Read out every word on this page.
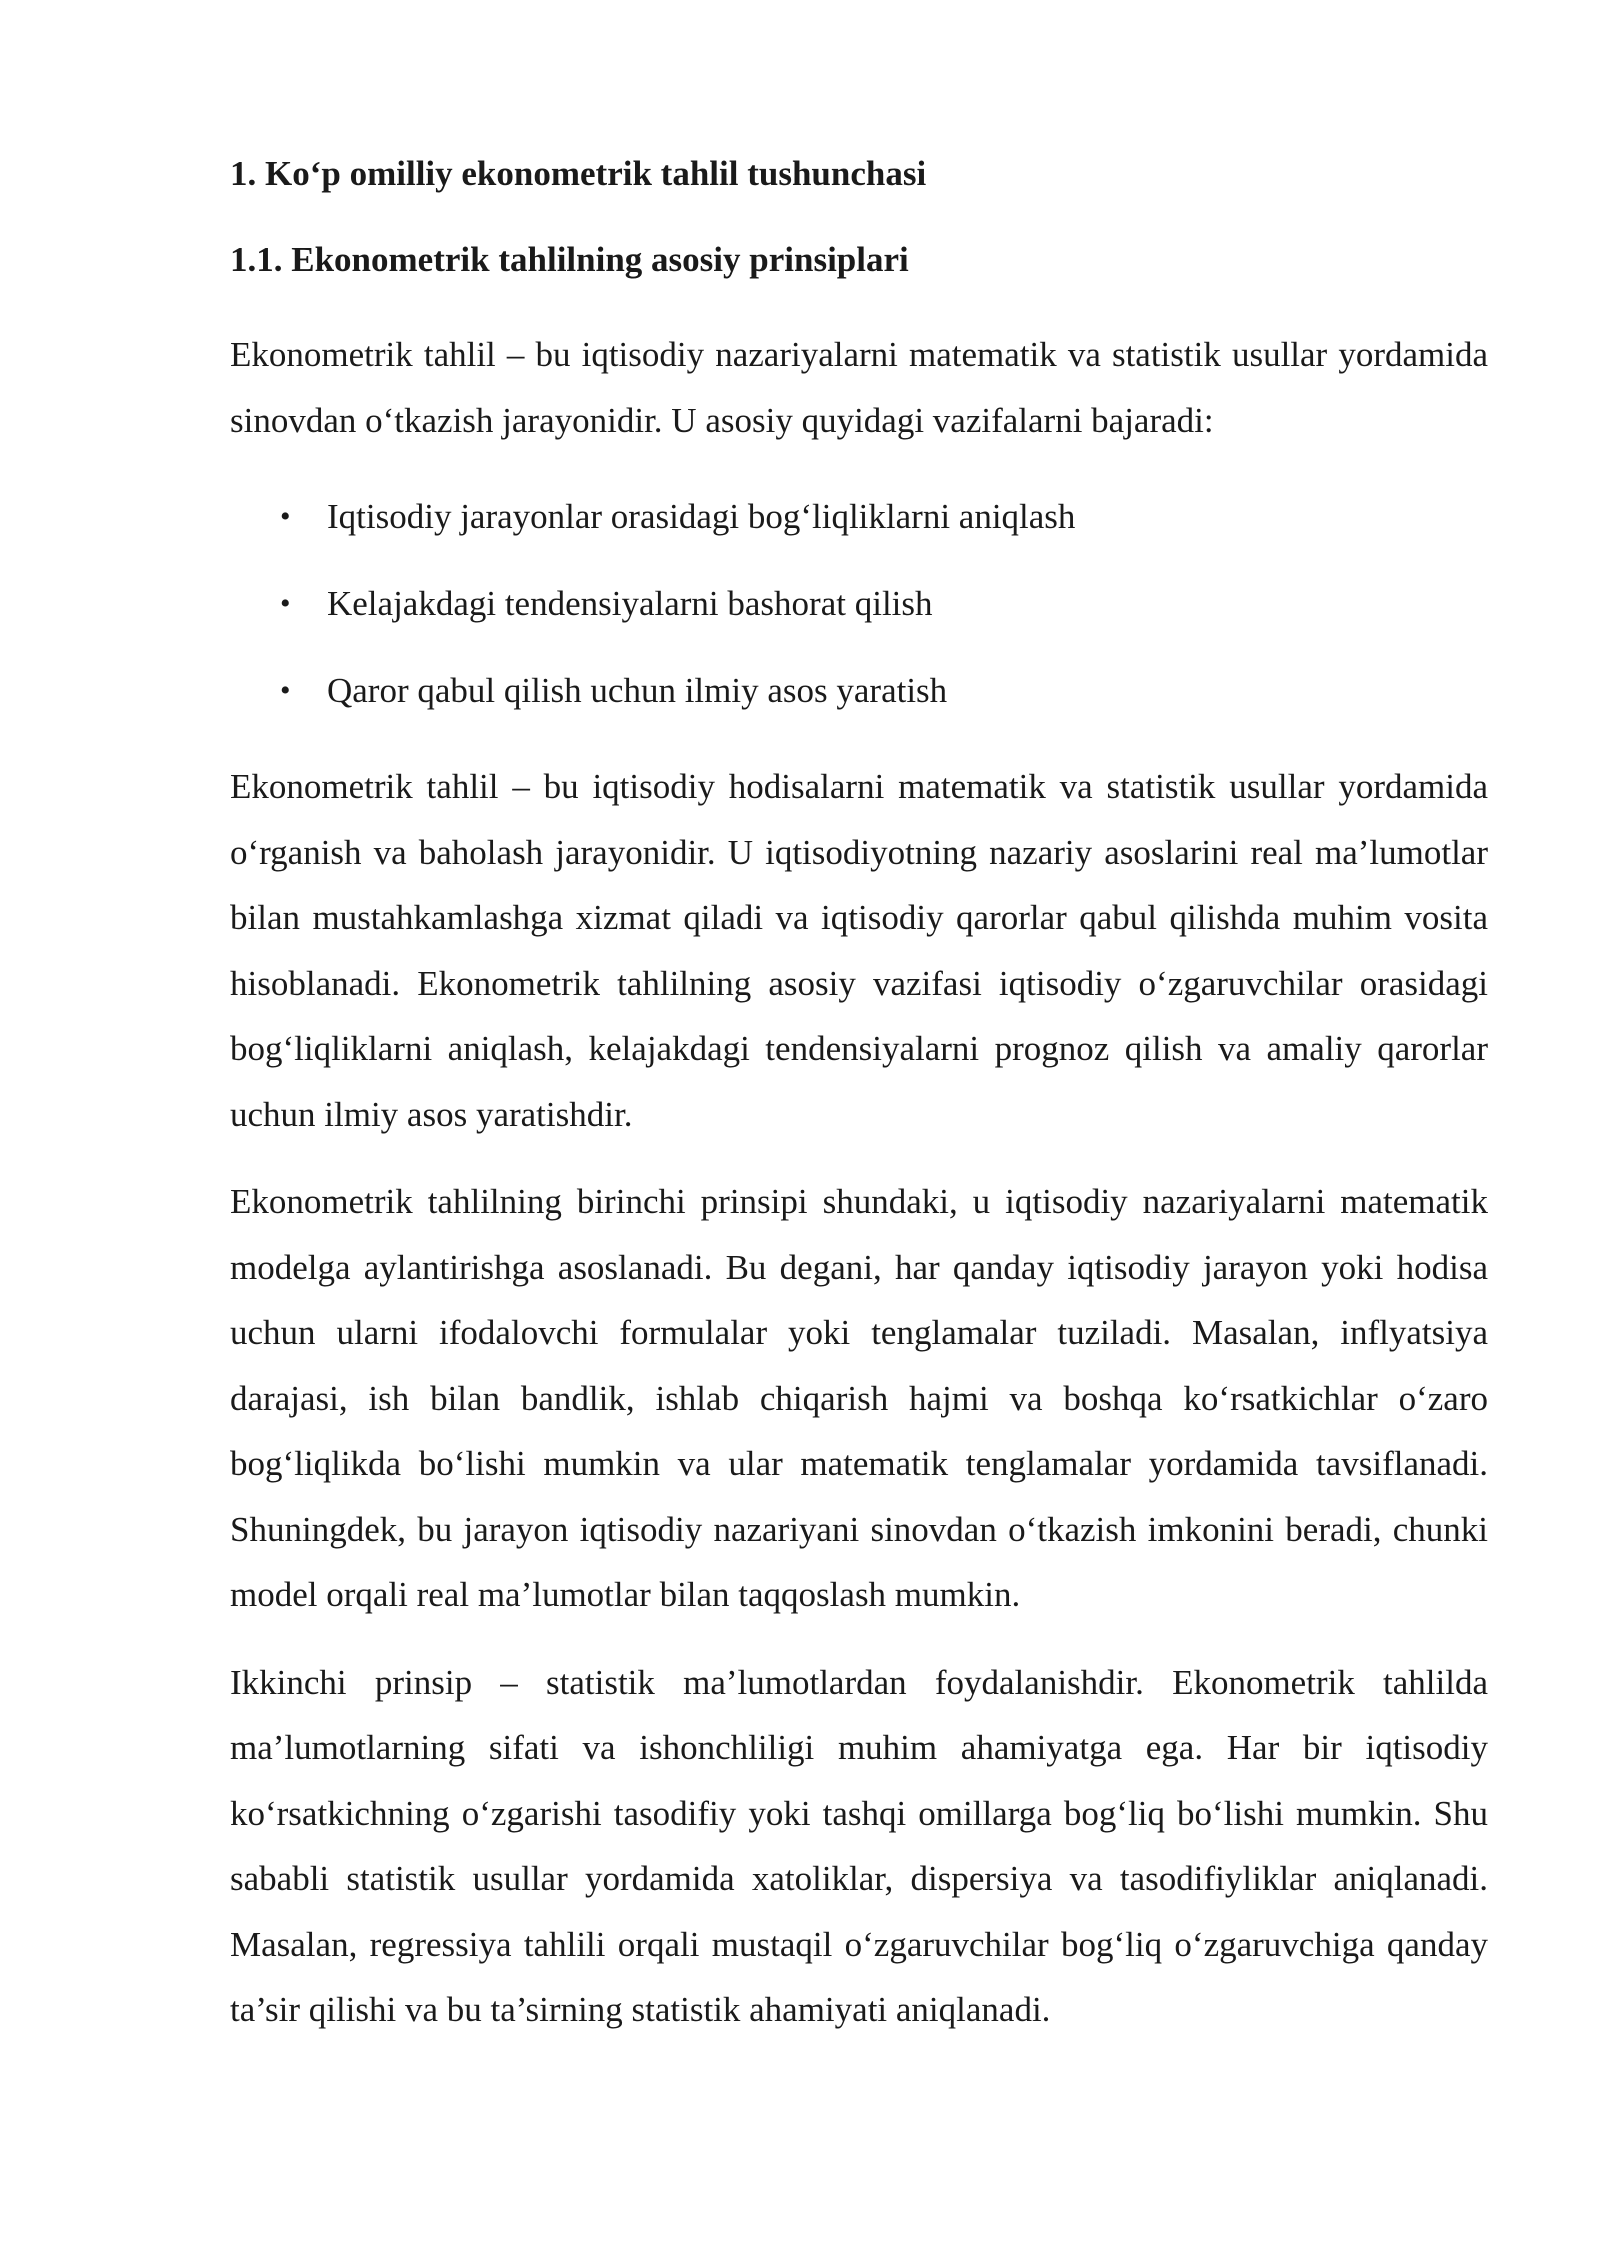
1. Ko‘p omilliy ekonometrik tahlil tushunchasi
1.1. Ekonometrik tahlilning asosiy prinsiplari

Ekonometrik tahlil – bu iqtisodiy nazariyalarni matematik va statistik usullar yordamida sinovdan o‘tkazish jarayonidir. U asosiy quyidagi vazifalarni bajaradi:

• Iqtisodiy jarayonlar orasidagi bog‘liqliklarni aniqlash
• Kelajakdagi tendensiyalarni bashorat qilish
• Qaror qabul qilish uchun ilmiy asos yaratish

Ekonometrik tahlil – bu iqtisodiy hodisalarni matematik va statistik usullar yordamida o‘rganish va baholash jarayonidir. U iqtisodiyotning nazariy asoslarini real ma’lumotlar bilan mustahkamlashga xizmat qiladi va iqtisodiy qarorlar qabul qilishda muhim vosita hisoblanadi. Ekonometrik tahlilning asosiy vazifasi iqtisodiy o‘zgaruvchilar orasidagi bog‘liqliklarni aniqlash, kelajakdagi tendensiyalarni prognoz qilish va amaliy qarorlar uchun ilmiy asos yaratishdir.

Ekonometrik tahlilning birinchi prinsipi shundaki, u iqtisodiy nazariyalarni matematik modelga aylantirishga asoslanadi. Bu degani, har qanday iqtisodiy jarayon yoki hodisa uchun ularni ifodalovchi formulalar yoki tenglamalar tuziladi. Masalan, inflyatsiya darajasi, ish bilan bandlik, ishlab chiqarish hajmi va boshqa ko‘rsatkichlar o‘zaro bog‘liqlikda bo‘lishi mumkin va ular matematik tenglamalar yordamida tavsiflanadi. Shuningdek, bu jarayon iqtisodiy nazariyani sinovdan o‘tkazish imkonini beradi, chunki model orqali real ma’lumotlar bilan taqqoslash mumkin.

Ikkinchi prinsip – statistik ma’lumotlardan foydalanishdir. Ekonometrik tahlilda ma’lumotlarning sifati va ishonchliligi muhim ahamiyatga ega. Har bir iqtisodiy ko‘rsatkichning o‘zgarishi tasodifiy yoki tashqi omillarga bog‘liq bo‘lishi mumkin. Shu sababli statistik usullar yordamida xatoliklar, dispersiya va tasodifiyliklar aniqlanadi. Masalan, regressiya tahlili orqali mustaqil o‘zgaruvchilar bog‘liq o‘zgaruvchiga qanday ta’sir qilishi va bu ta’sirning statistik ahamiyati aniqlanadi.
